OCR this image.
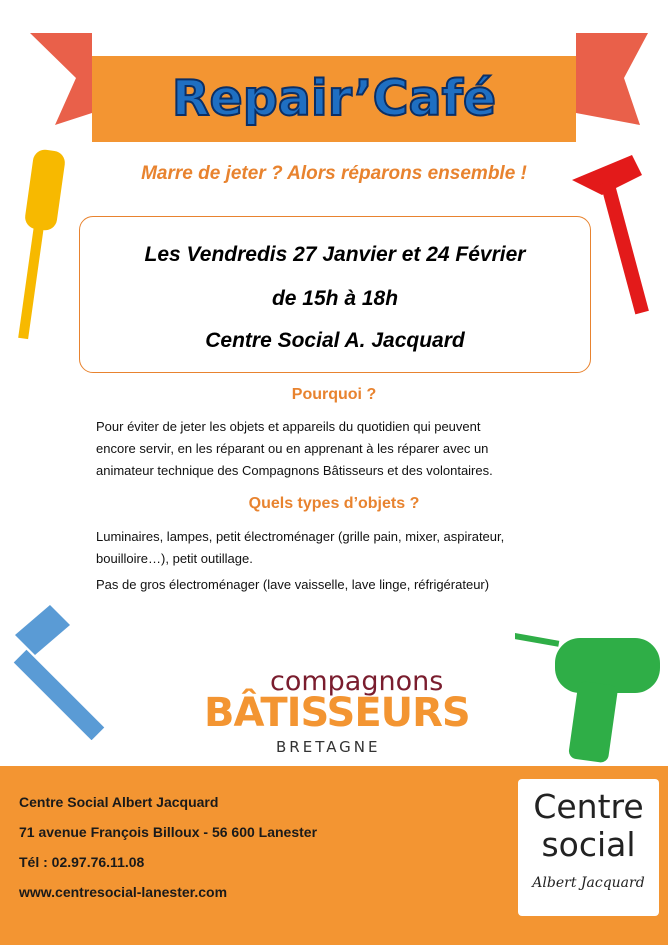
Repair’Café
Marre de jeter ? Alors réparons ensemble !
Les Vendredis 27 Janvier et 24 Février
de 15h à 18h
Centre Social A. Jacquard
Pourquoi ?
Pour éviter de jeter les objets et appareils du quotidien qui peuvent
encore servir, en les réparant ou en apprenant à les réparer avec un
animateur technique des Compagnons Bâtisseurs et des volontaires.
Quels types d’objets ?
Luminaires, lampes, petit électroménager (grille pain, mixer, aspirateur,
bouilloire…), petit outillage.
Pas de gros électroménager (lave vaisselle, lave linge, réfrigérateur)
compagnons
BÂTISSEURS
BRETAGNE
Centre Social Albert Jacquard
71 avenue François Billoux - 56 600 Lanester
Tél : 02.97.76.11.08
www.centresocial-lanester.com
Centre
social
Albert Jacquard
